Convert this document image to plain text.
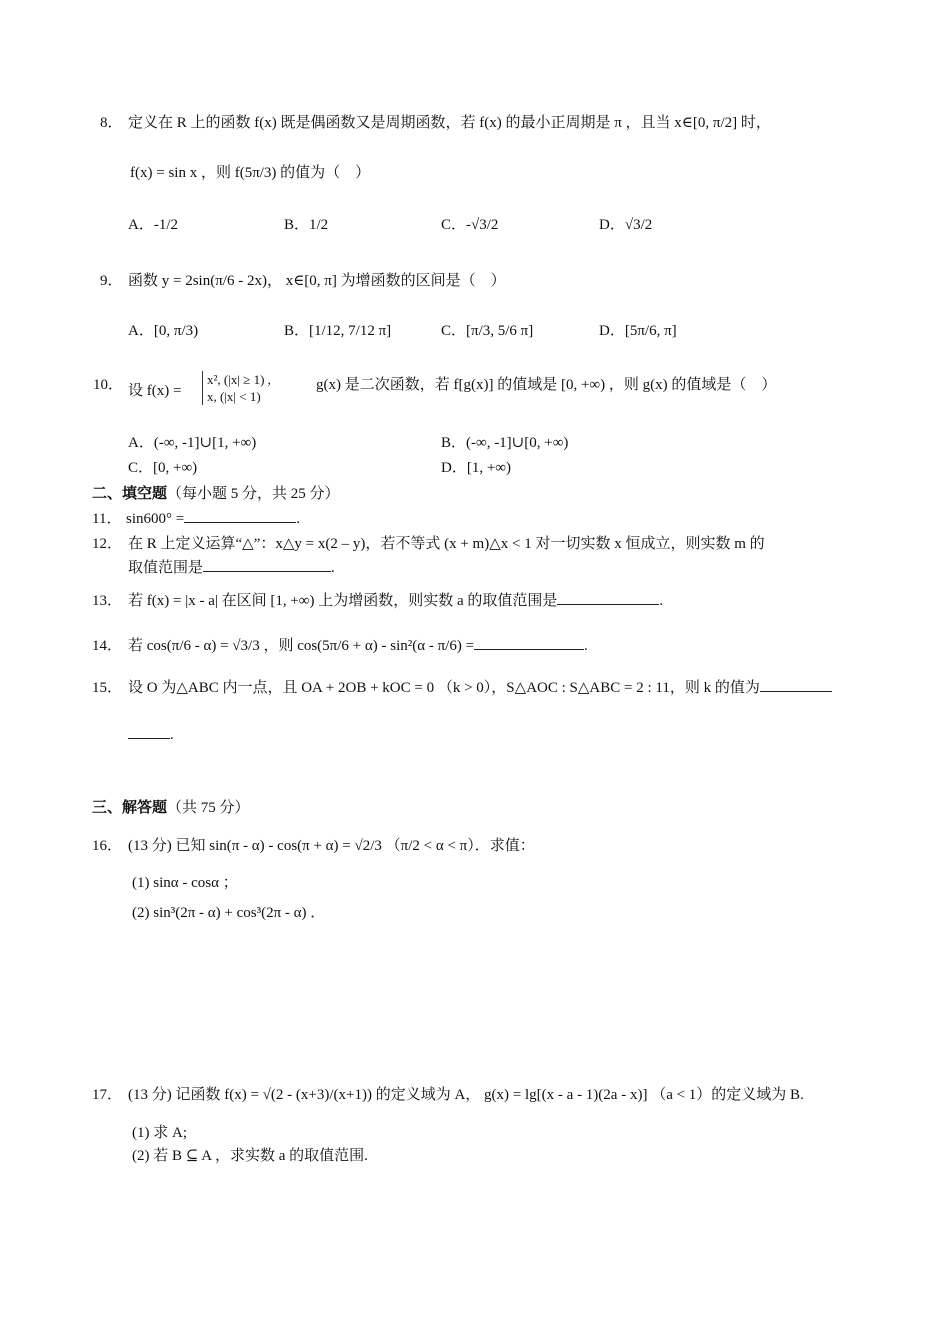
8． 定义在 R 上的函数 f(x) 既是偶函数又是周期函数，若 f(x) 的最小正周期是 π ，且当 x∈[0, π/2] 时，
f(x) = sin x ，则 f(5π/3) 的值为（　）
A．-1/2	B．1/2	C．-√3/2	D．√3/2
9． 函数 y = 2sin(π/6 - 2x)， x∈[0, π] 为增函数的区间是（　）
A．[0, π/3)	B．[1/12, 7/12 π]	C．[π/3, 5/6 π]	D．[5π/6, π]
10． 设 f(x) =
x², (|x| ≥ 1) ,
x, (|x| < 1)
g(x) 是二次函数，若 f[g(x)] 的值域是 [0, +∞) ，则 g(x) 的值域是（　）
A．(-∞, -1]∪[1, +∞)	B．(-∞, -1]∪[0, +∞)
C．[0, +∞)	D．[1, +∞)
二、填空题（每小题 5 分，共 25 分）
11． sin600° =	.
12． 在 R 上定义运算“△”：x△y = x(2 – y)，若不等式 (x + m)△x < 1 对一切实数 x 恒成立，则实数 m 的
取值范围是	.
13． 若 f(x) = |x - a| 在区间 [1, +∞) 上为增函数，则实数 a 的取值范围是	.
14． 若 cos(π/6 - α) = √3/3 ，则 cos(5π/6 + α) - sin²(α - π/6) =	.
15． 设 O 为△ABC 内一点，且 OA + 2OB + kOC = 0 （k > 0），S△AOC : S△ABC = 2 : 11，则 k 的值为
.
三、解答题（共 75 分）
16． (13 分) 已知 sin(π - α) - cos(π + α) = √2/3 （π/2 < α < π）．求值：
(1) sinα - cosα ；
(2) sin³(2π - α) + cos³(2π - α) ．
17． (13 分) 记函数 f(x) = √(2 - (x+3)/(x+1)) 的定义域为 A， g(x) = lg[(x - a - 1)(2a - x)] （a < 1）的定义域为 B.
(1) 求 A;
(2) 若 B ⊆ A ，求实数 a 的取值范围.
